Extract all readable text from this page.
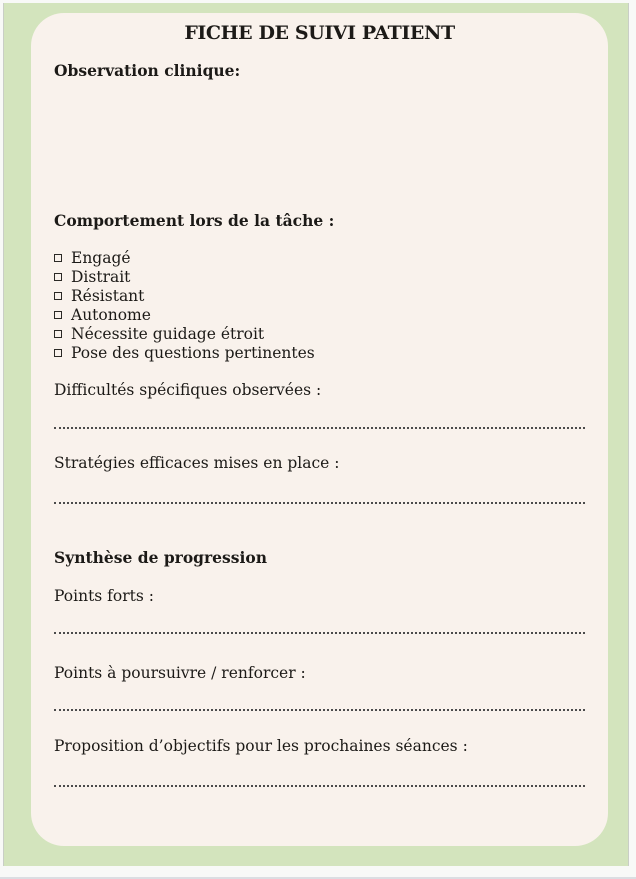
FICHE DE SUIVI PATIENT
Observation clinique:
Comportement lors de la tâche :
Engagé
Distrait
Résistant
Autonome
Nécessite guidage étroit
Pose des questions pertinentes
Difficultés spécifiques observées :
Stratégies efficaces mises en place :
Synthèse de progression
Points forts :
Points à poursuivre / renforcer :
Proposition d’objectifs pour les prochaines séances :
